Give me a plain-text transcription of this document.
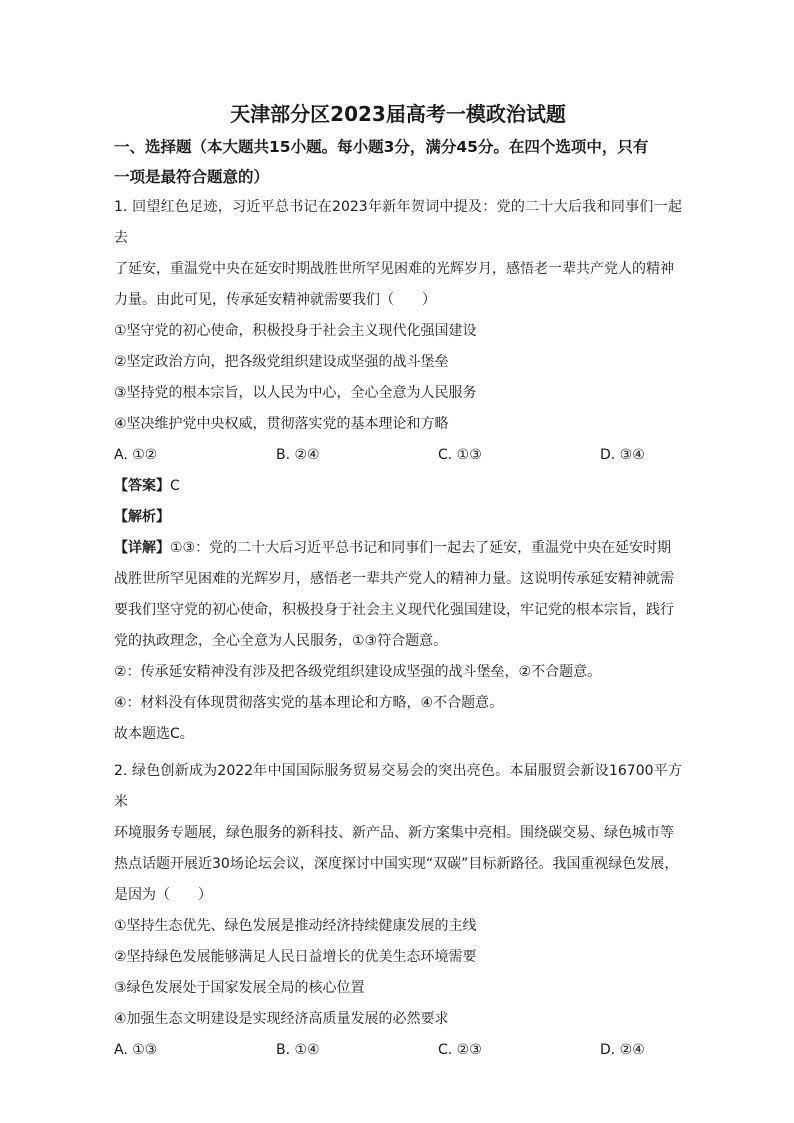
天津部分区2023届高考一模政治试题

一、选择题（本大题共15小题。每小题3分，满分45分。在四个选项中，只有

一项是最符合题意的）

1. 回望红色足迹，习近平总书记在2023年新年贺词中提及：党的二十大后我和同事们一起去

了延安，重温党中央在延安时期战胜世所罕见困难的光辉岁月，感悟老一辈共产党人的精神

力量。由此可见，传承延安精神就需要我们（　　）

①坚守党的初心使命，积极投身于社会主义现代化强国建设

②坚定政治方向，把各级党组织建设成坚强的战斗堡垒

③坚持党的根本宗旨，以人民为中心，全心全意为人民服务

④坚决维护党中央权威，贯彻落实党的基本理论和方略

A. ①②	B. ②④	C. ①③	D. ③④

【答案】C

【解析】

【详解】①③：党的二十大后习近平总书记和同事们一起去了延安，重温党中央在延安时期

战胜世所罕见困难的光辉岁月，感悟老一辈共产党人的精神力量。这说明传承延安精神就需

要我们坚守党的初心使命，积极投身于社会主义现代化强国建设，牢记党的根本宗旨，践行

党的执政理念，全心全意为人民服务，①③符合题意。

②：传承延安精神没有涉及把各级党组织建设成坚强的战斗堡垒，②不合题意。

④：材料没有体现贯彻落实党的基本理论和方略，④不合题意。

故本题选C。

2. 绿色创新成为2022年中国国际服务贸易交易会的突出亮色。本届服贸会新设16700平方米

环境服务专题展，绿色服务的新科技、新产品、新方案集中亮相。围绕碳交易、绿色城市等

热点话题开展近30场论坛会议，深度探讨中国实现“双碳”目标新路径。我国重视绿色发展，

是因为（　　）

①坚持生态优先、绿色发展是推动经济持续健康发展的主线

②坚持绿色发展能够满足人民日益增长的优美生态环境需要

③绿色发展处于国家发展全局的核心位置

④加强生态文明建设是实现经济高质量发展的必然要求

A. ①③	B. ①④	C. ②③	D. ②④
